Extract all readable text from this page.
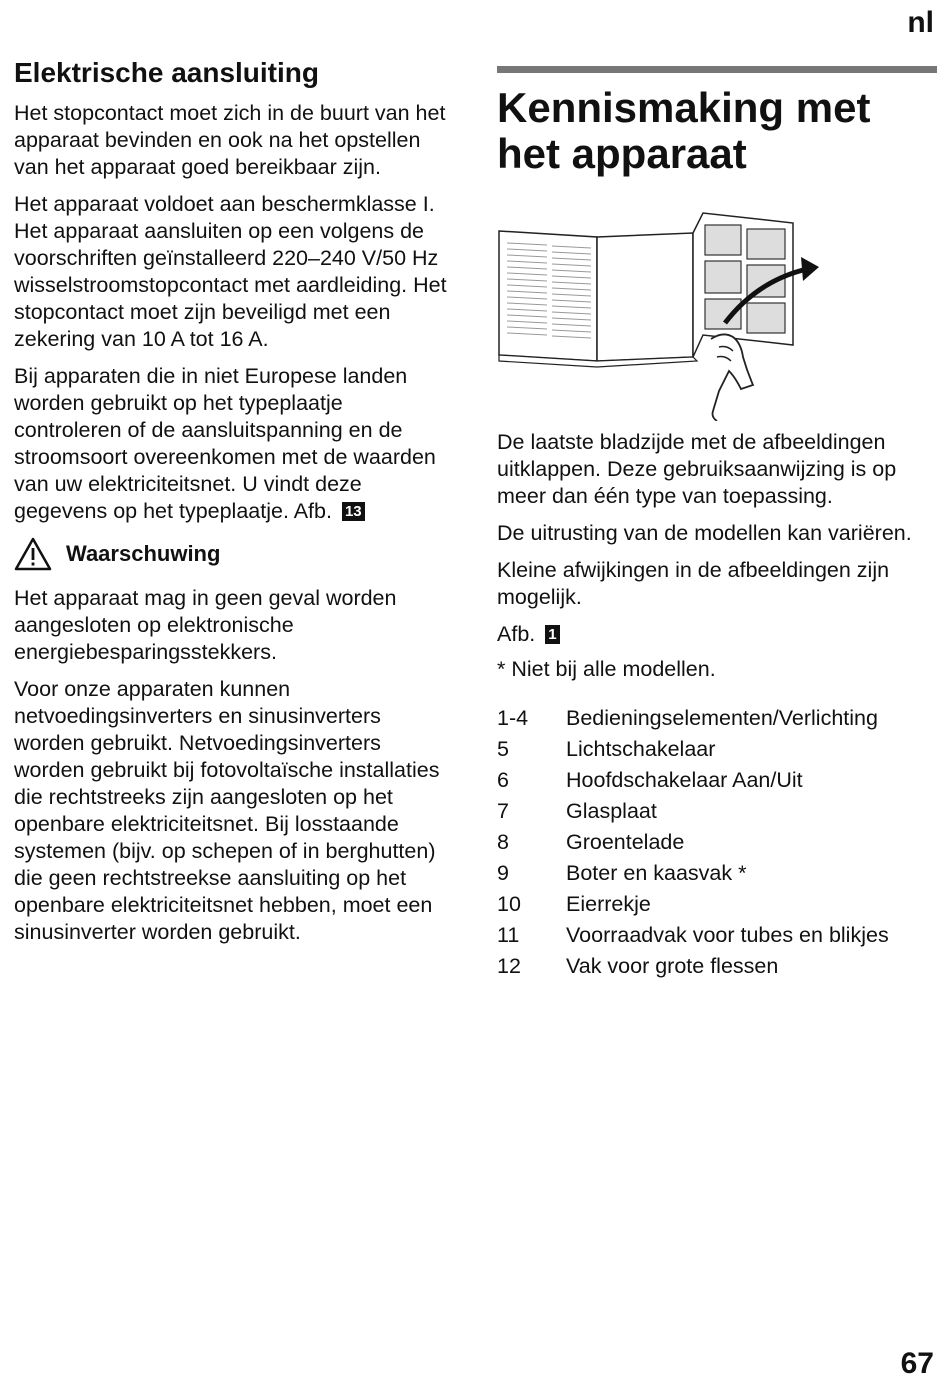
nl
Elektrische aansluiting

Het stopcontact moet zich in de buurt van het apparaat bevinden en ook na het opstellen van het apparaat goed bereikbaar zijn.

Het apparaat voldoet aan beschermklasse I. Het apparaat aansluiten op een volgens de voorschriften geïnstalleerd 220–240 V/50 Hz wisselstroomstopcontact met aardleiding. Het stopcontact moet zijn beveiligd met een zekering van 10 A tot 16 A.

Bij apparaten die in niet Europese landen worden gebruikt op het typeplaatje controleren of de aansluitspanning en de stroomsoort overeenkomen met de waarden van uw elektriciteitsnet. U vindt deze gegevens op het typeplaatje. Afb. 13

Waarschuwing

Het apparaat mag in geen geval worden aangesloten op elektronische energiebesparingsstekkers.

Voor onze apparaten kunnen netvoedingsinverters en sinusinverters worden gebruikt. Netvoedingsinverters worden gebruikt bij fotovoltaïsche installaties die rechtstreeks zijn aangesloten op het openbare elektriciteitsnet. Bij losstaande systemen (bijv. op schepen of in berghutten) die geen rechtstreekse aansluiting op het openbare elektriciteitsnet hebben, moet een sinusinverter worden gebruikt.

Kennismaking met het apparaat

De laatste bladzijde met de afbeeldingen uitklappen. Deze gebruiksaanwijzing is op meer dan één type van toepassing.

De uitrusting van de modellen kan variëren.

Kleine afwijkingen in de afbeeldingen zijn mogelijk.

Afb. 1

* Niet bij alle modellen.

1-4	Bedieningselementen/Verlichting
5	Lichtschakelaar
6	Hoofdschakelaar Aan/Uit
7	Glasplaat
8	Groentelade
9	Boter en kaasvak *
10	Eierrekje
11	Voorraadvak voor tubes en blikjes
12	Vak voor grote flessen
67
